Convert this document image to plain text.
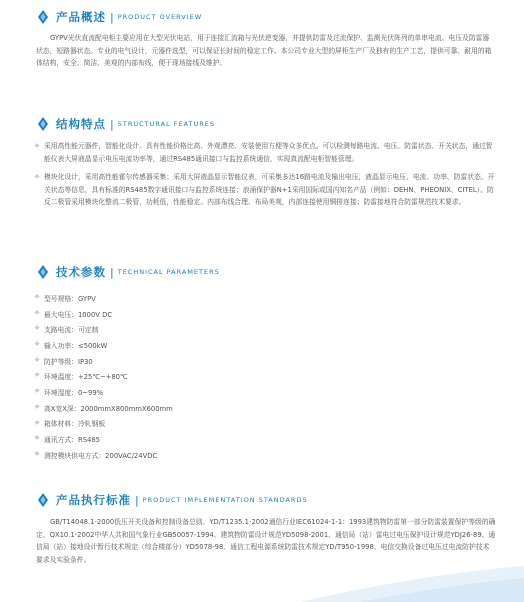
产品概述 | PRODUCT OVERVIEW

GYPV光伏直流配电柜主要应用在大型光伏电站，用于连接汇流箱与光伏逆变器，并提供防雷及过流保护、监测光伏阵列的单串电流、电压及防雷器状态，短路器状态。专业的电气设计，元器件选型，可以保证长时间的稳定工作。本公司专业大型的屏柜生产厂及独有的生产工艺，提供可靠、耐用的箱体结构，安全、简洁、美观的内部布线，便于现场接线及维护。

结构特点 | STRUCTURAL FEATURES
✧ 采用高性能元器件，智能化设计。具有性能价格比高、外观漂亮、安装使用方便等众多优点。可以检测每路电流、电压、防雷状态、开关状态，通过智能仪表大屏液晶显示电压电流功率等，通过RS485通讯接口与监控系统通信，实现真流配电柜智能管理。
✧ 模块化设计，采用高性能霍尔传感器采集；采用大屏液晶显示智能仪表，可采集多达16路电流及输出电压，液晶显示电压、电流、功率、防雷状态、开关状态等信息，具有标准的RS485数字通讯接口与监控系统连接；浪涌保护器N+1采用国际或国内知名产品（例如：DEHN、PHEONIX、CITEL）。防反二极管采用模块化整流二极管，功耗低，性能稳定。内部布线合理、布局美观，内部连接使用铜排连接；防雷接地符合防雷规范技术要求。
技术参数 | TECHNICAL PARAMETERS
✧ 型号规格：GYPV
✧ 最大电压：1000V DC
✧ 支路电流：可定制
✧ 输入功率：≤500kW
✧ 防护等级：IP30
✧ 环境温度：+25℃~+80℃
✧ 环境湿度：0~99%
✧ 高X宽X深：2000mmX800mmX600mm
✧ 箱体材料：冷轧钢板
✧ 通讯方式：RS485
✧ 测控模块供电方式：200VAC/24VDC
产品执行标准 | PRODUCT IMPLEMENTATION STANDARDS

GB/T14048.1-2000低压开关设备和控制设备总则、YD/T1235.1-2002通信行业IEC61024-1-1：1993建筑物防雷第一部分防雷装置保护等级的确定、QX10.1-2002中华人共和国气象行业GB50057-1994、建筑物防雷设计规范YD5098-2001、通信局（站）雷电过电压保护设计规范YDJ26-89、通信局（站）接地设计暂行技术规定（综合楼部分）YD5078-98、通信工程电源系统防雷技术规定YD/T950-1998、电信交换设备过电压过电流防护技术要求及实验条件。
